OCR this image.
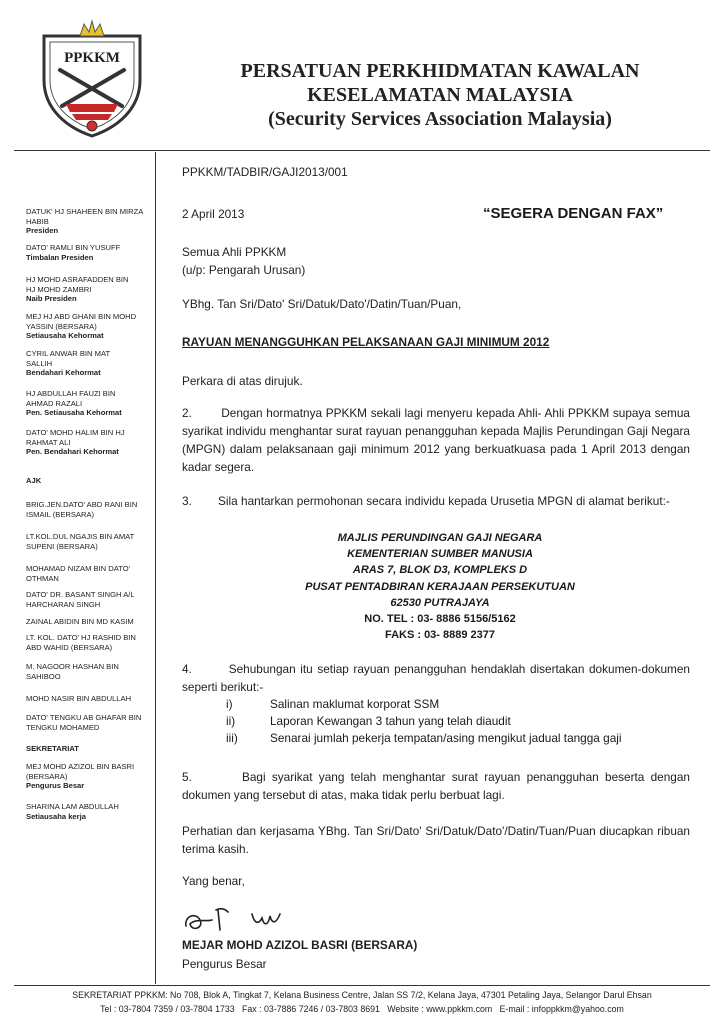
PPKKM
PERSATUAN PERKHIDMATAN KAWALAN
KESELAMATAN MALAYSIA
(Security Services Association Malaysia)
DATUK' HJ SHAHEEN BIN MIRZA HABIB
Presiden
DATO' RAMLI BIN YUSUFF
Timbalan Presiden
HJ MOHD ASRAFADDEN BIN HJ MOHD ZAMBRI
Naib Presiden
MEJ HJ ABD GHANI BIN MOHD YASSIN (BERSARA)
Setiausaha Kehormat
CYRIL ANWAR BIN MAT SALLIH
Bendahari Kehormat
HJ ABDULLAH FAUZI BIN AHMAD RAZALI
Pen. Setiausaha Kehormat
DATO' MOHD HALIM BIN HJ RAHMAT ALI
Pen. Bendahari Kehormat
AJK
BRIG.JEN.DATO' ABD RANI BIN ISMAIL (BERSARA)
LT.KOL.DUL NGAJIS BIN AMAT SUPENI (BERSARA)
MOHAMAD NIZAM BIN DATO' OTHMAN
DATO' DR. BASANT SINGH A/L HARCHARAN SINGH
ZAINAL ABIDIN BIN MD KASIM
LT. KOL. DATO' HJ RASHID BIN ABD WAHID (BERSARA)
M. NAGOOR HASHAN BIN SAHIBOO
MOHD NASIR BIN ABDULLAH
DATO' TENGKU AB GHAFAR BIN TENGKU MOHAMED
SEKRETARIAT
MEJ MOHD AZIZOL BIN BASRI (BERSARA)
Pengurus Besar
SHARINA LAM ABDULLAH
Setiausaha kerja
PPKKM/TADBIR/GAJI2013/001
2 April 2013	“SEGERA DENGAN FAX”
Semua Ahli PPKKM
(u/p: Pengarah Urusan)
YBhg. Tan Sri/Dato' Sri/Datuk/Dato'/Datin/Tuan/Puan,
RAYUAN MENANGGUHKAN PELAKSANAAN GAJI MINIMUM 2012
Perkara di atas dirujuk.
2.        Dengan hormatnya PPKKM sekali lagi menyeru kepada Ahli- Ahli PPKKM supaya semua syarikat individu menghantar surat rayuan penangguhan kepada Majlis Perundingan Gaji Negara (MPGN) dalam pelaksanaan gaji minimum 2012 yang berkuatkuasa pada 1 April 2013 dengan kadar segera.
3.        Sila hantarkan permohonan secara individu kepada Urusetia MPGN di alamat berikut:-
MAJLIS PERUNDINGAN GAJI NEGARA
KEMENTERIAN SUMBER MANUSIA
ARAS 7, BLOK D3, KOMPLEKS D
PUSAT PENTADBIRAN KERAJAAN PERSEKUTUAN
62530 PUTRAJAYA
NO. TEL : 03- 8886 5156/5162
FAKS : 03- 8889 2377
4.        Sehubungan itu setiap rayuan penangguhan hendaklah disertakan dokumen-dokumen seperti berikut:-
i)	Salinan maklumat korporat SSM
ii)	Laporan Kewangan 3 tahun yang telah diaudit
iii)	Senarai jumlah pekerja tempatan/asing mengikut jadual tangga gaji
5.        Bagi syarikat yang telah menghantar surat rayuan penangguhan beserta dengan dokumen yang tersebut di atas, maka tidak perlu berbuat lagi.
Perhatian dan kerjasama YBhg. Tan Sri/Dato' Sri/Datuk/Dato'/Datin/Tuan/Puan diucapkan ribuan terima kasih.
Yang benar,
MEJAR MOHD AZIZOL BASRI (BERSARA)
Pengurus Besar
SEKRETARIAT PPKKM: No 708, Blok A, Tingkat 7, Kelana Business Centre, Jalan SS 7/2, Kelana Jaya, 47301 Petaling Jaya, Selangor Darul Ehsan
Tel : 03-7804 7359 / 03-7804 1733   Fax : 03-7886 7246 / 03-7803 8691   Website : www.ppkkm.com   E-mail : infoppkkm@yahoo.com
